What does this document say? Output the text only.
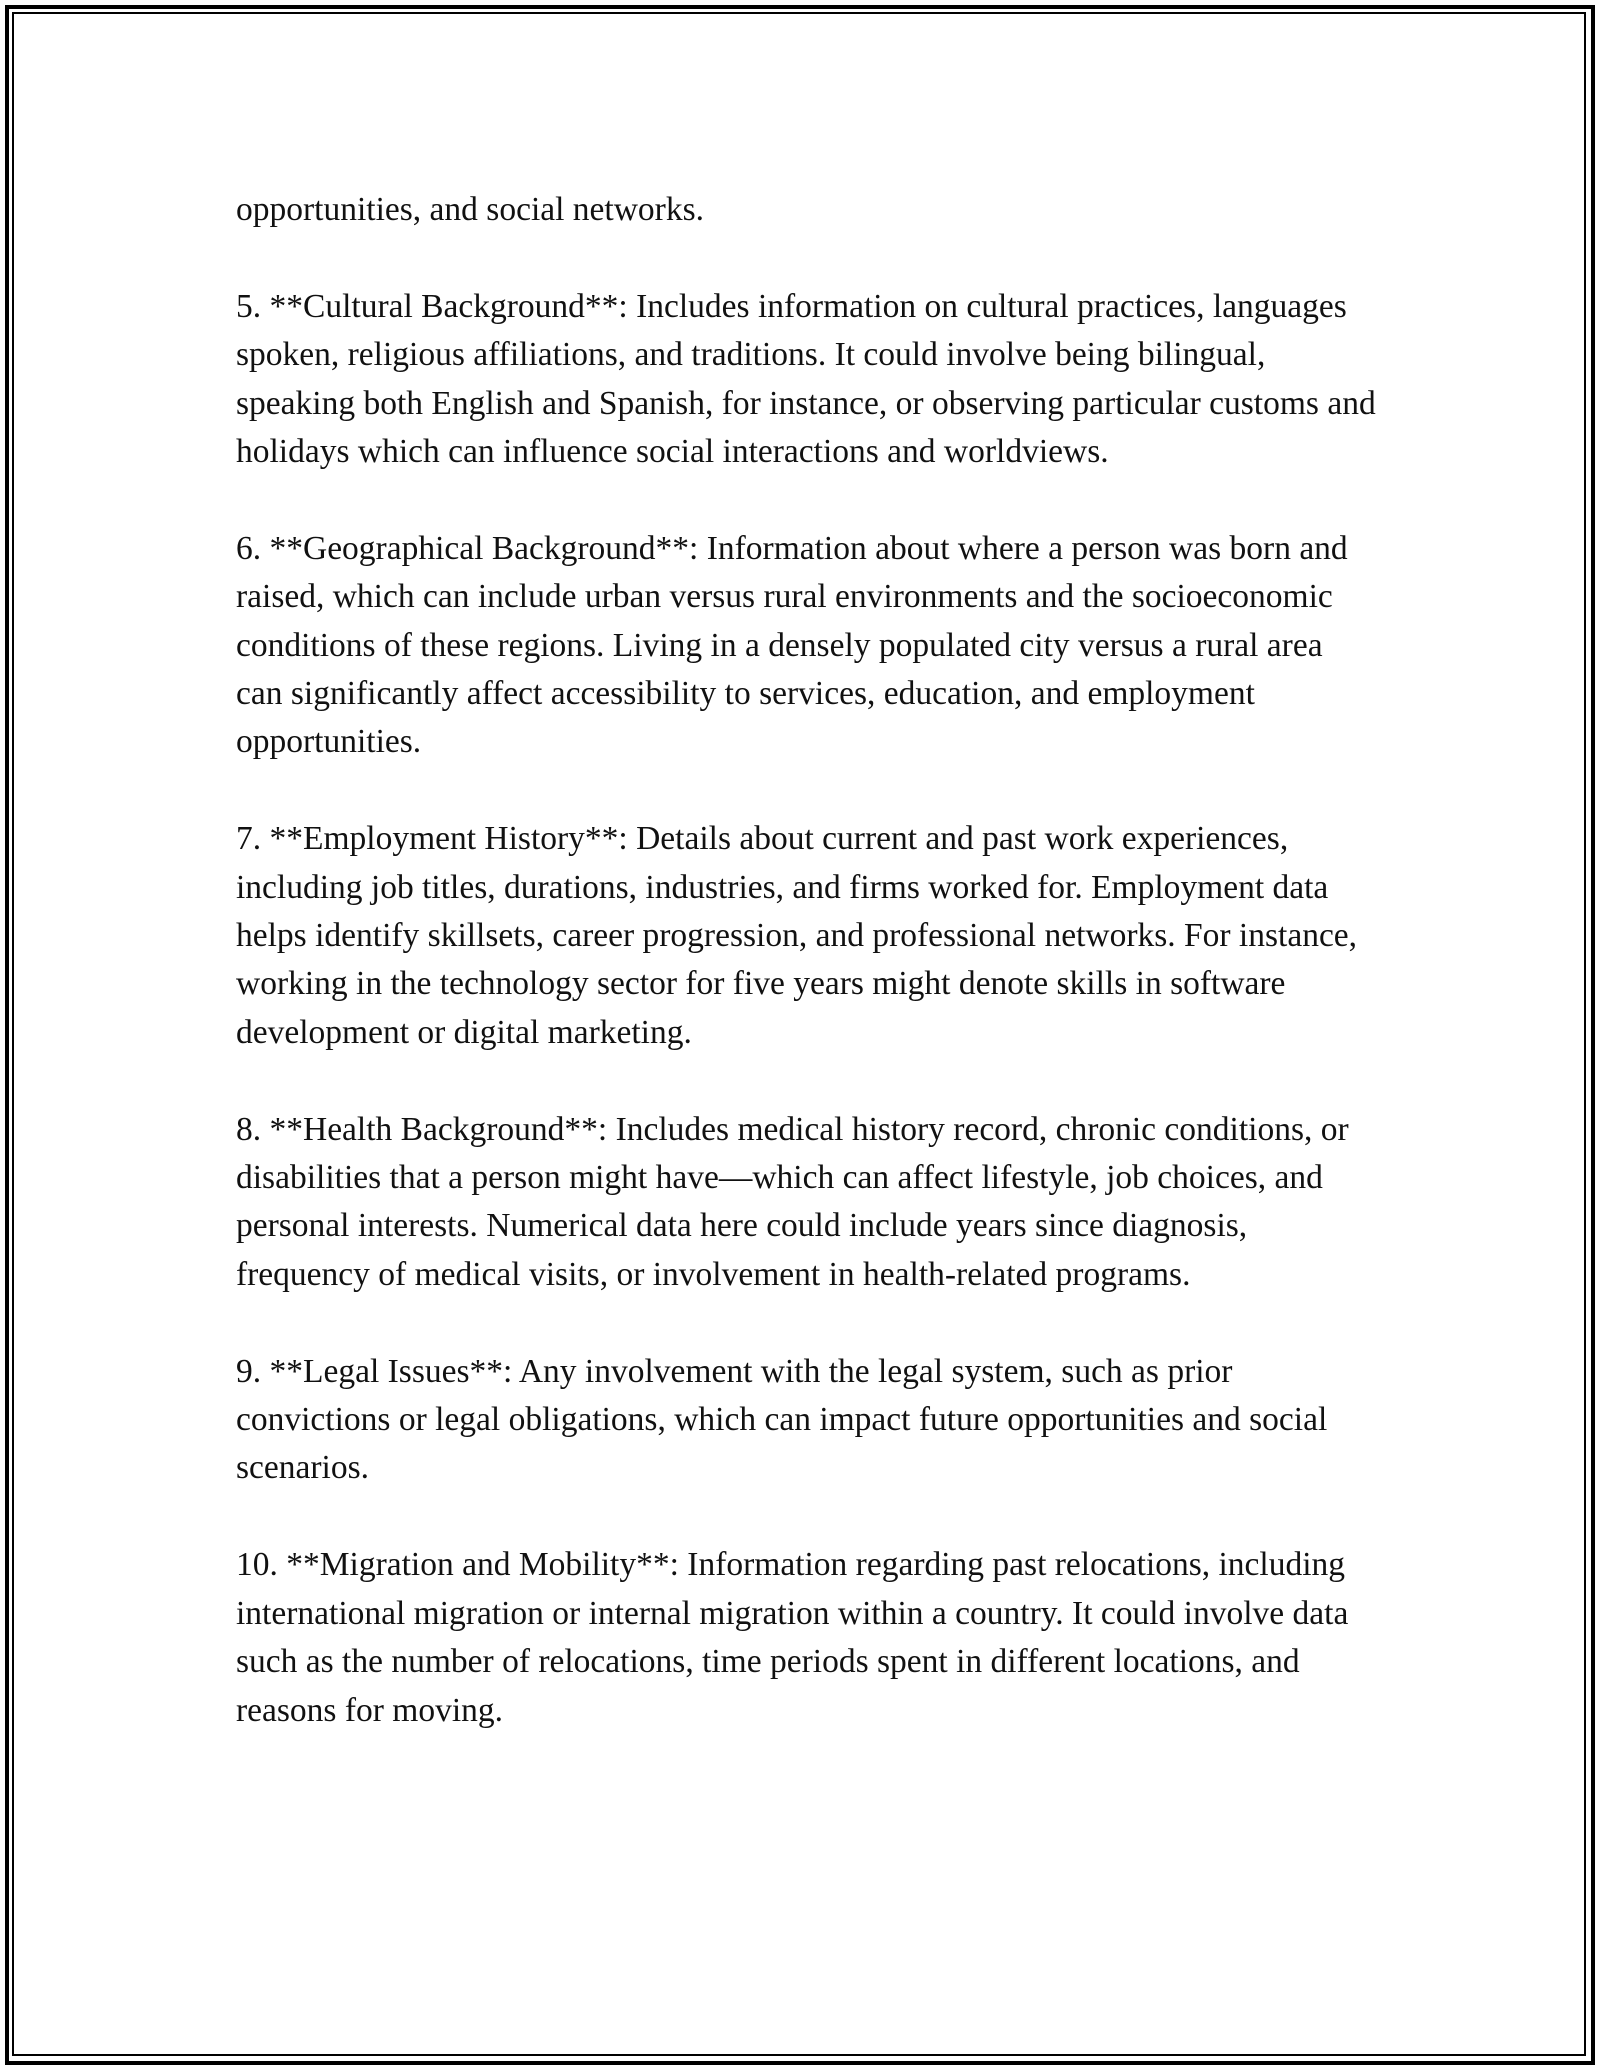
opportunities, and social networks.

5. **Cultural Background**: Includes information on cultural practices, languages spoken, religious affiliations, and traditions. It could involve being bilingual, speaking both English and Spanish, for instance, or observing particular customs and holidays which can influence social interactions and worldviews.

6. **Geographical Background**: Information about where a person was born and raised, which can include urban versus rural environments and the socioeconomic conditions of these regions. Living in a densely populated city versus a rural area can significantly affect accessibility to services, education, and employment opportunities.

7. **Employment History**: Details about current and past work experiences, including job titles, durations, industries, and firms worked for. Employment data helps identify skillsets, career progression, and professional networks. For instance, working in the technology sector for five years might denote skills in software development or digital marketing.

8. **Health Background**: Includes medical history record, chronic conditions, or disabilities that a person might have—which can affect lifestyle, job choices, and personal interests. Numerical data here could include years since diagnosis, frequency of medical visits, or involvement in health-related programs.

9. **Legal Issues**: Any involvement with the legal system, such as prior convictions or legal obligations, which can impact future opportunities and social scenarios.

10. **Migration and Mobility**: Information regarding past relocations, including international migration or internal migration within a country. It could involve data such as the number of relocations, time periods spent in different locations, and reasons for moving.
